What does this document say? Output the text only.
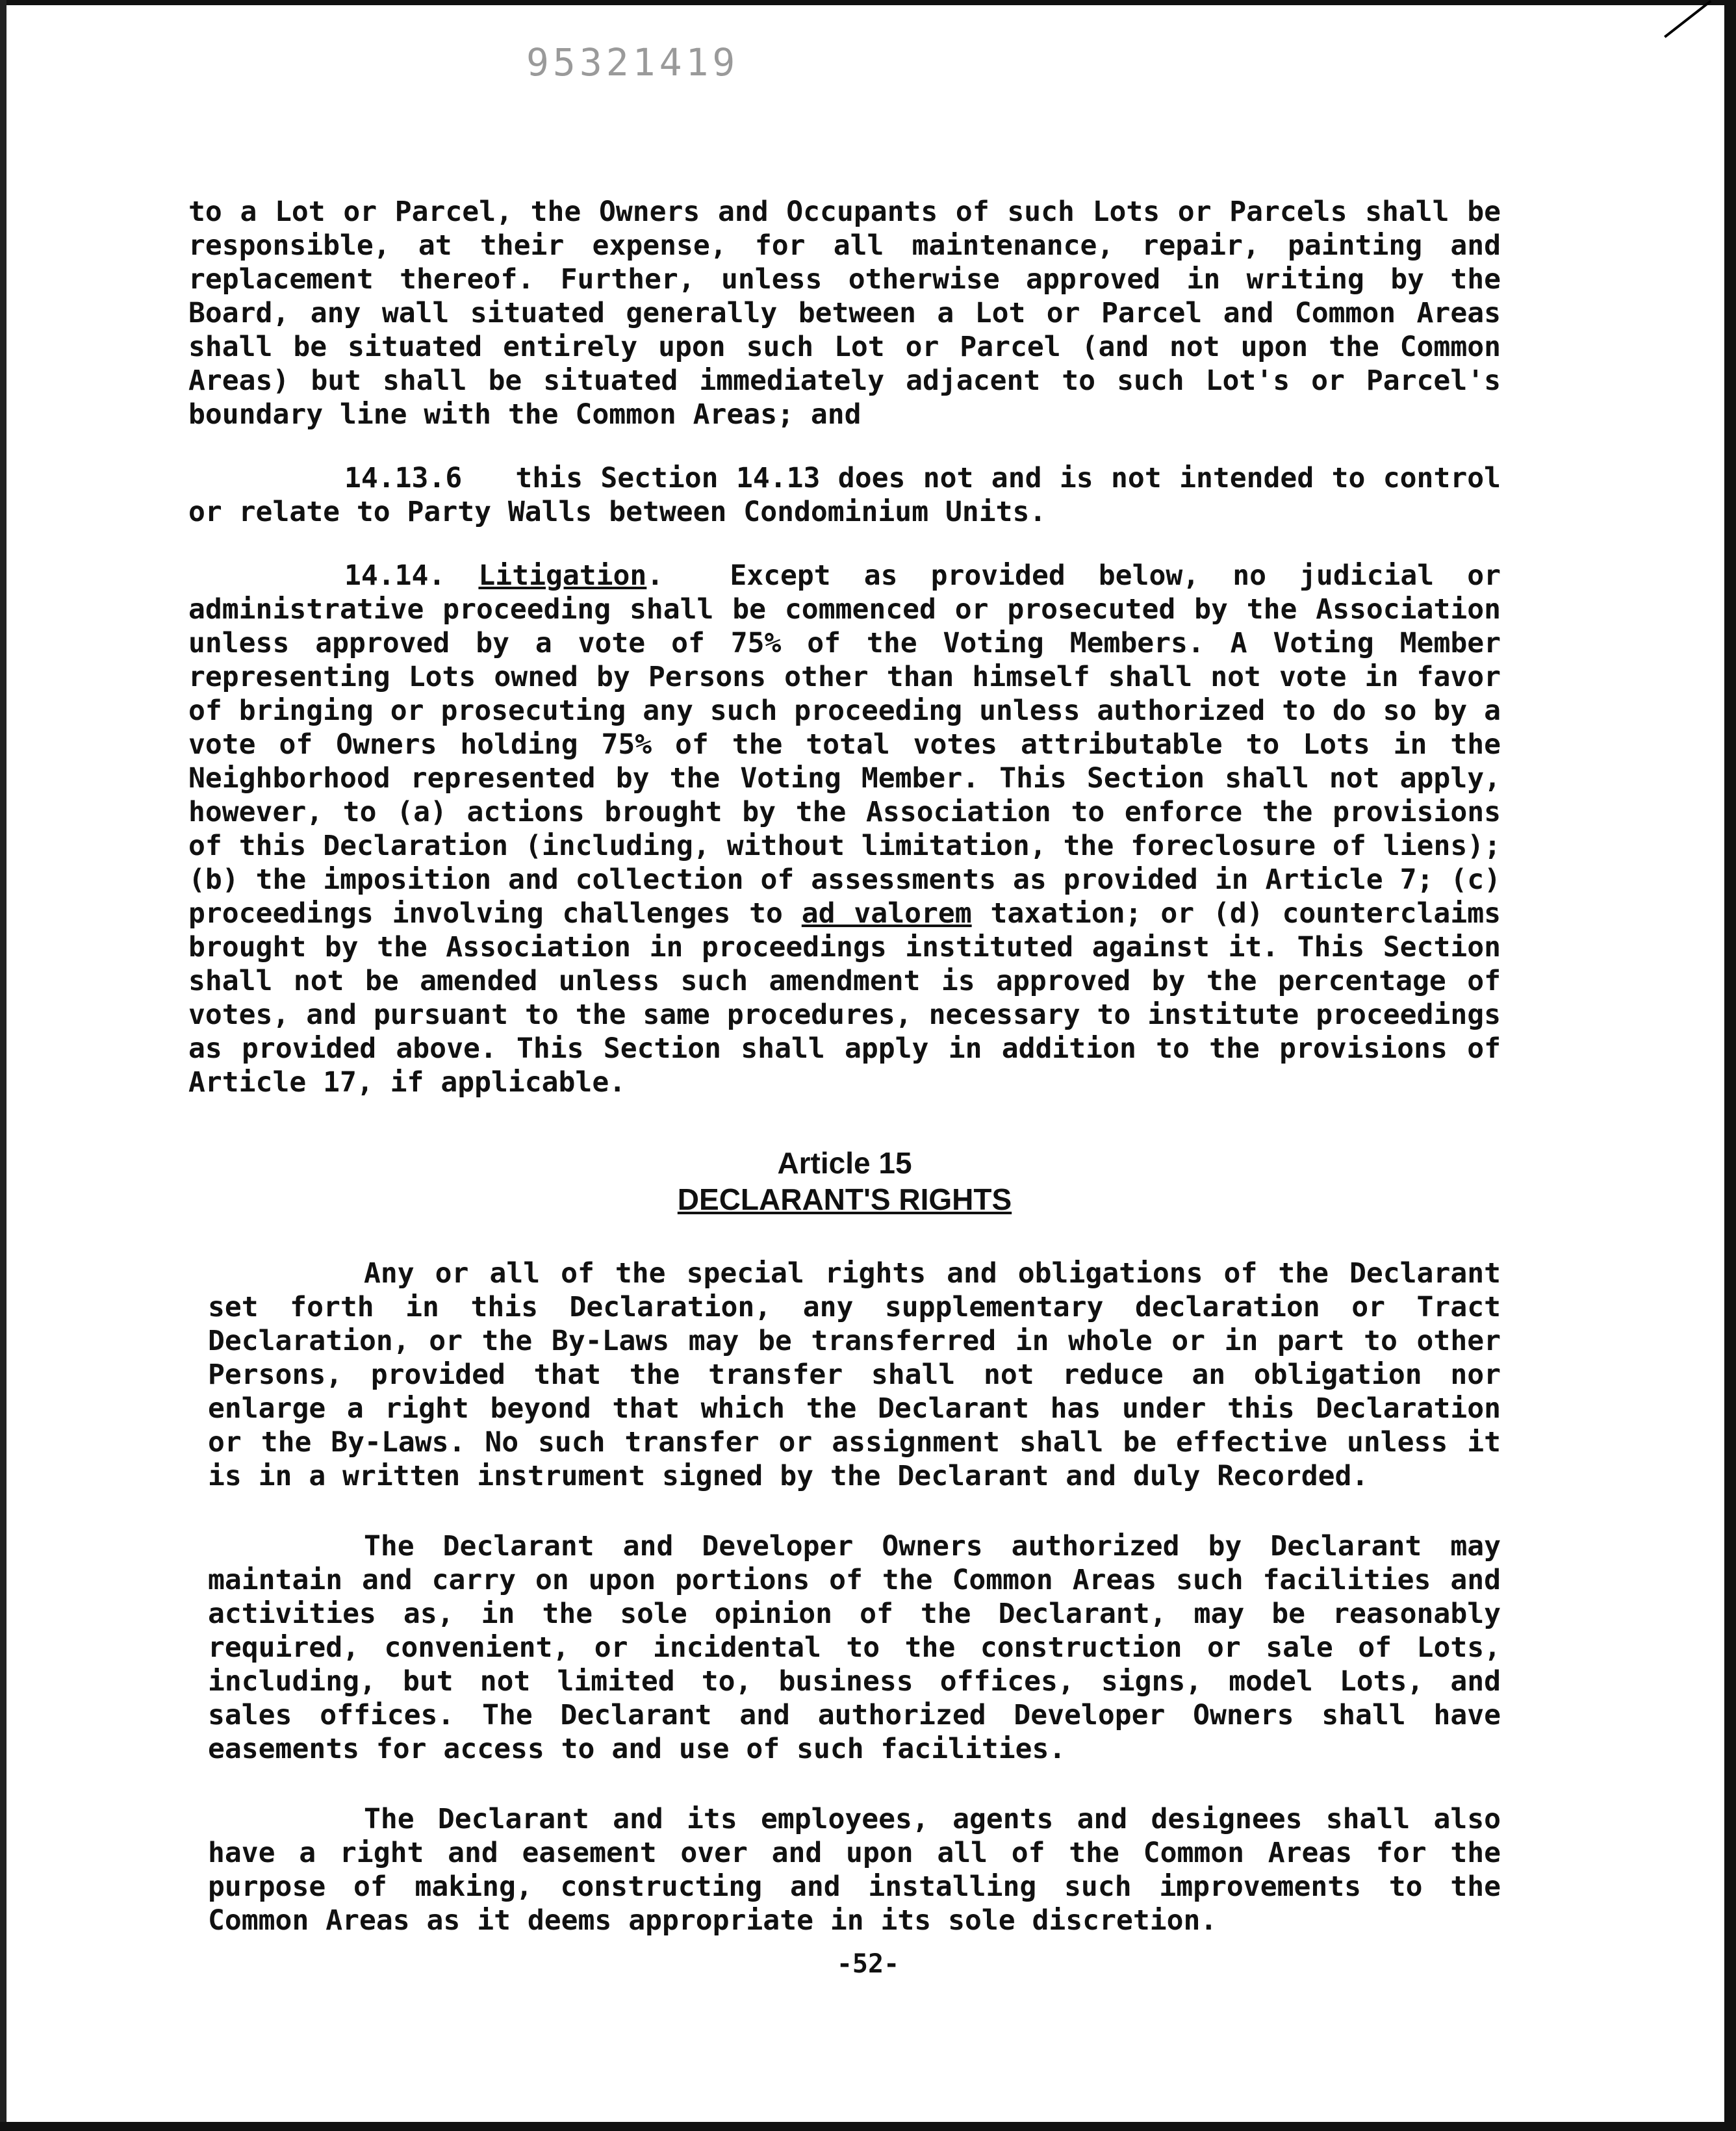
95321419

to a Lot or Parcel, the Owners and Occupants of such Lots or Parcels shall be responsible, at their expense, for all maintenance, repair, painting and replacement thereof. Further, unless otherwise approved in writing by the Board, any wall situated generally between a Lot or Parcel and Common Areas shall be situated entirely upon such Lot or Parcel (and not upon the Common Areas) but shall be situated immediately adjacent to such Lot's or Parcel's boundary line with the Common Areas; and

14.13.6 this Section 14.13 does not and is not intended to control or relate to Party Walls between Condominium Units.

14.14. Litigation.  Except as provided below, no judicial or administrative proceeding shall be commenced or prosecuted by the Association unless approved by a vote of 75% of the Voting Members. A Voting Member representing Lots owned by Persons other than himself shall not vote in favor of bringing or prosecuting any such proceeding unless authorized to do so by a vote of Owners holding 75% of the total votes attributable to Lots in the Neighborhood represented by the Voting Member. This Section shall not apply, however, to (a) actions brought by the Association to enforce the provisions of this Declaration (including, without limitation, the foreclosure of liens); (b) the imposition and collection of assessments as provided in Article 7; (c) proceedings involving challenges to ad valorem taxation; or (d) counterclaims brought by the Association in proceedings instituted against it. This Section shall not be amended unless such amendment is approved by the percentage of votes, and pursuant to the same procedures, necessary to institute proceedings as provided above. This Section shall apply in addition to the provisions of Article 17, if applicable.

Article 15
DECLARANT'S RIGHTS

Any or all of the special rights and obligations of the Declarant set forth in this Declaration, any supplementary declaration or Tract Declaration, or the By-Laws may be transferred in whole or in part to other Persons, provided that the transfer shall not reduce an obligation nor enlarge a right beyond that which the Declarant has under this Declaration or the By-Laws. No such transfer or assignment shall be effective unless it is in a written instrument signed by the Declarant and duly Recorded.

The Declarant and Developer Owners authorized by Declarant may maintain and carry on upon portions of the Common Areas such facilities and activities as, in the sole opinion of the Declarant, may be reasonably required, convenient, or incidental to the construction or sale of Lots, including, but not limited to, business offices, signs, model Lots, and sales offices. The Declarant and authorized Developer Owners shall have easements for access to and use of such facilities.

The Declarant and its employees, agents and designees shall also have a right and easement over and upon all of the Common Areas for the purpose of making, constructing and installing such improvements to the Common Areas as it deems appropriate in its sole discretion.

-52-
